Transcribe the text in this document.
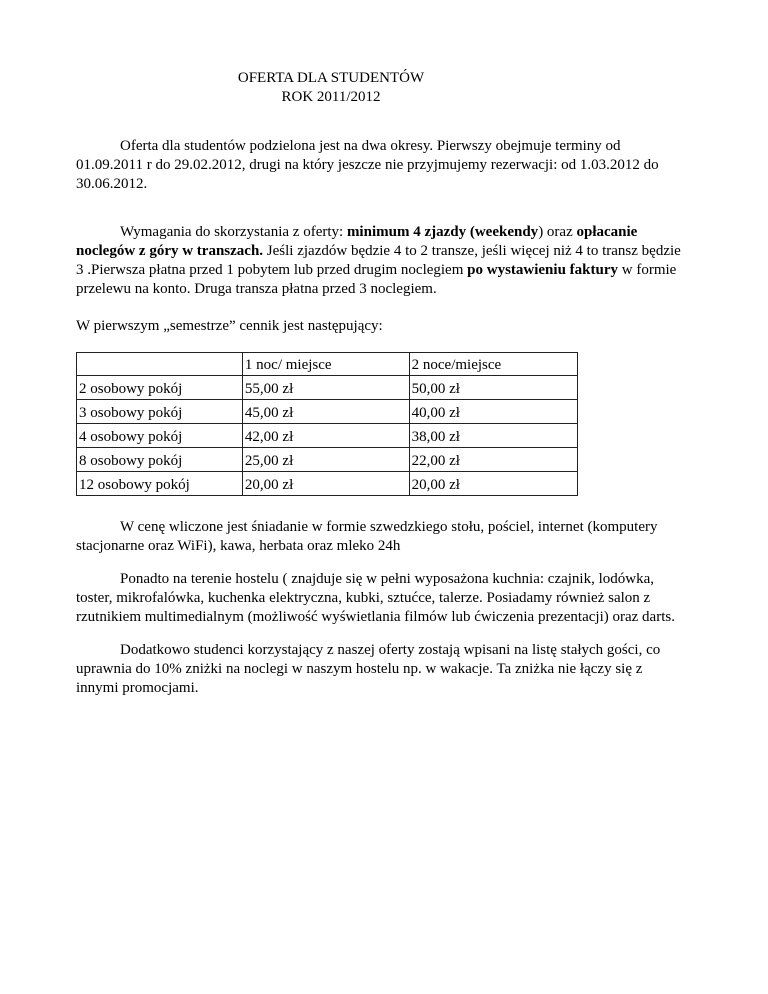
OFERTA DLA STUDENTÓW
ROK 2011/2012

Oferta dla studentów podzielona jest na dwa okresy. Pierwszy obejmuje terminy od 01.09.2011 r do 29.02.2012, drugi na który jeszcze nie przyjmujemy rezerwacji: od 1.03.2012 do 30.06.2012.

Wymagania do skorzystania z oferty: minimum 4 zjazdy (weekendy) oraz opłacanie noclegów z góry w transzach. Jeśli zjazdów będzie 4 to 2 transze, jeśli więcej niż 4 to transz będzie 3 .Pierwsza płatna przed 1 pobytem lub przed drugim noclegiem po wystawieniu faktury w formie przelewu na konto. Druga transza płatna przed 3 noclegiem.

W pierwszym „semestrze” cennik jest następujący:

	1 noc/ miejsce	2 noce/miejsce
2 osobowy pokój	55,00 zł	50,00 zł
3 osobowy pokój	45,00 zł	40,00 zł
4 osobowy pokój	42,00 zł	38,00 zł
8 osobowy pokój	25,00 zł	22,00 zł
12 osobowy pokój	20,00 zł	20,00 zł

W cenę wliczone jest śniadanie w formie szwedzkiego stołu, pościel, internet (komputery stacjonarne oraz WiFi), kawa, herbata oraz mleko 24h

Ponadto na terenie hostelu ( znajduje się w pełni wyposażona kuchnia: czajnik, lodówka, toster, mikrofalówka, kuchenka elektryczna, kubki, sztućce, talerze. Posiadamy również salon z rzutnikiem multimedialnym (możliwość wyświetlania filmów lub ćwiczenia prezentacji) oraz darts.

Dodatkowo studenci korzystający z naszej oferty zostają wpisani na listę stałych gości, co uprawnia do 10% zniżki na noclegi w naszym hostelu np. w wakacje. Ta zniżka nie łączy się z innymi promocjami.
